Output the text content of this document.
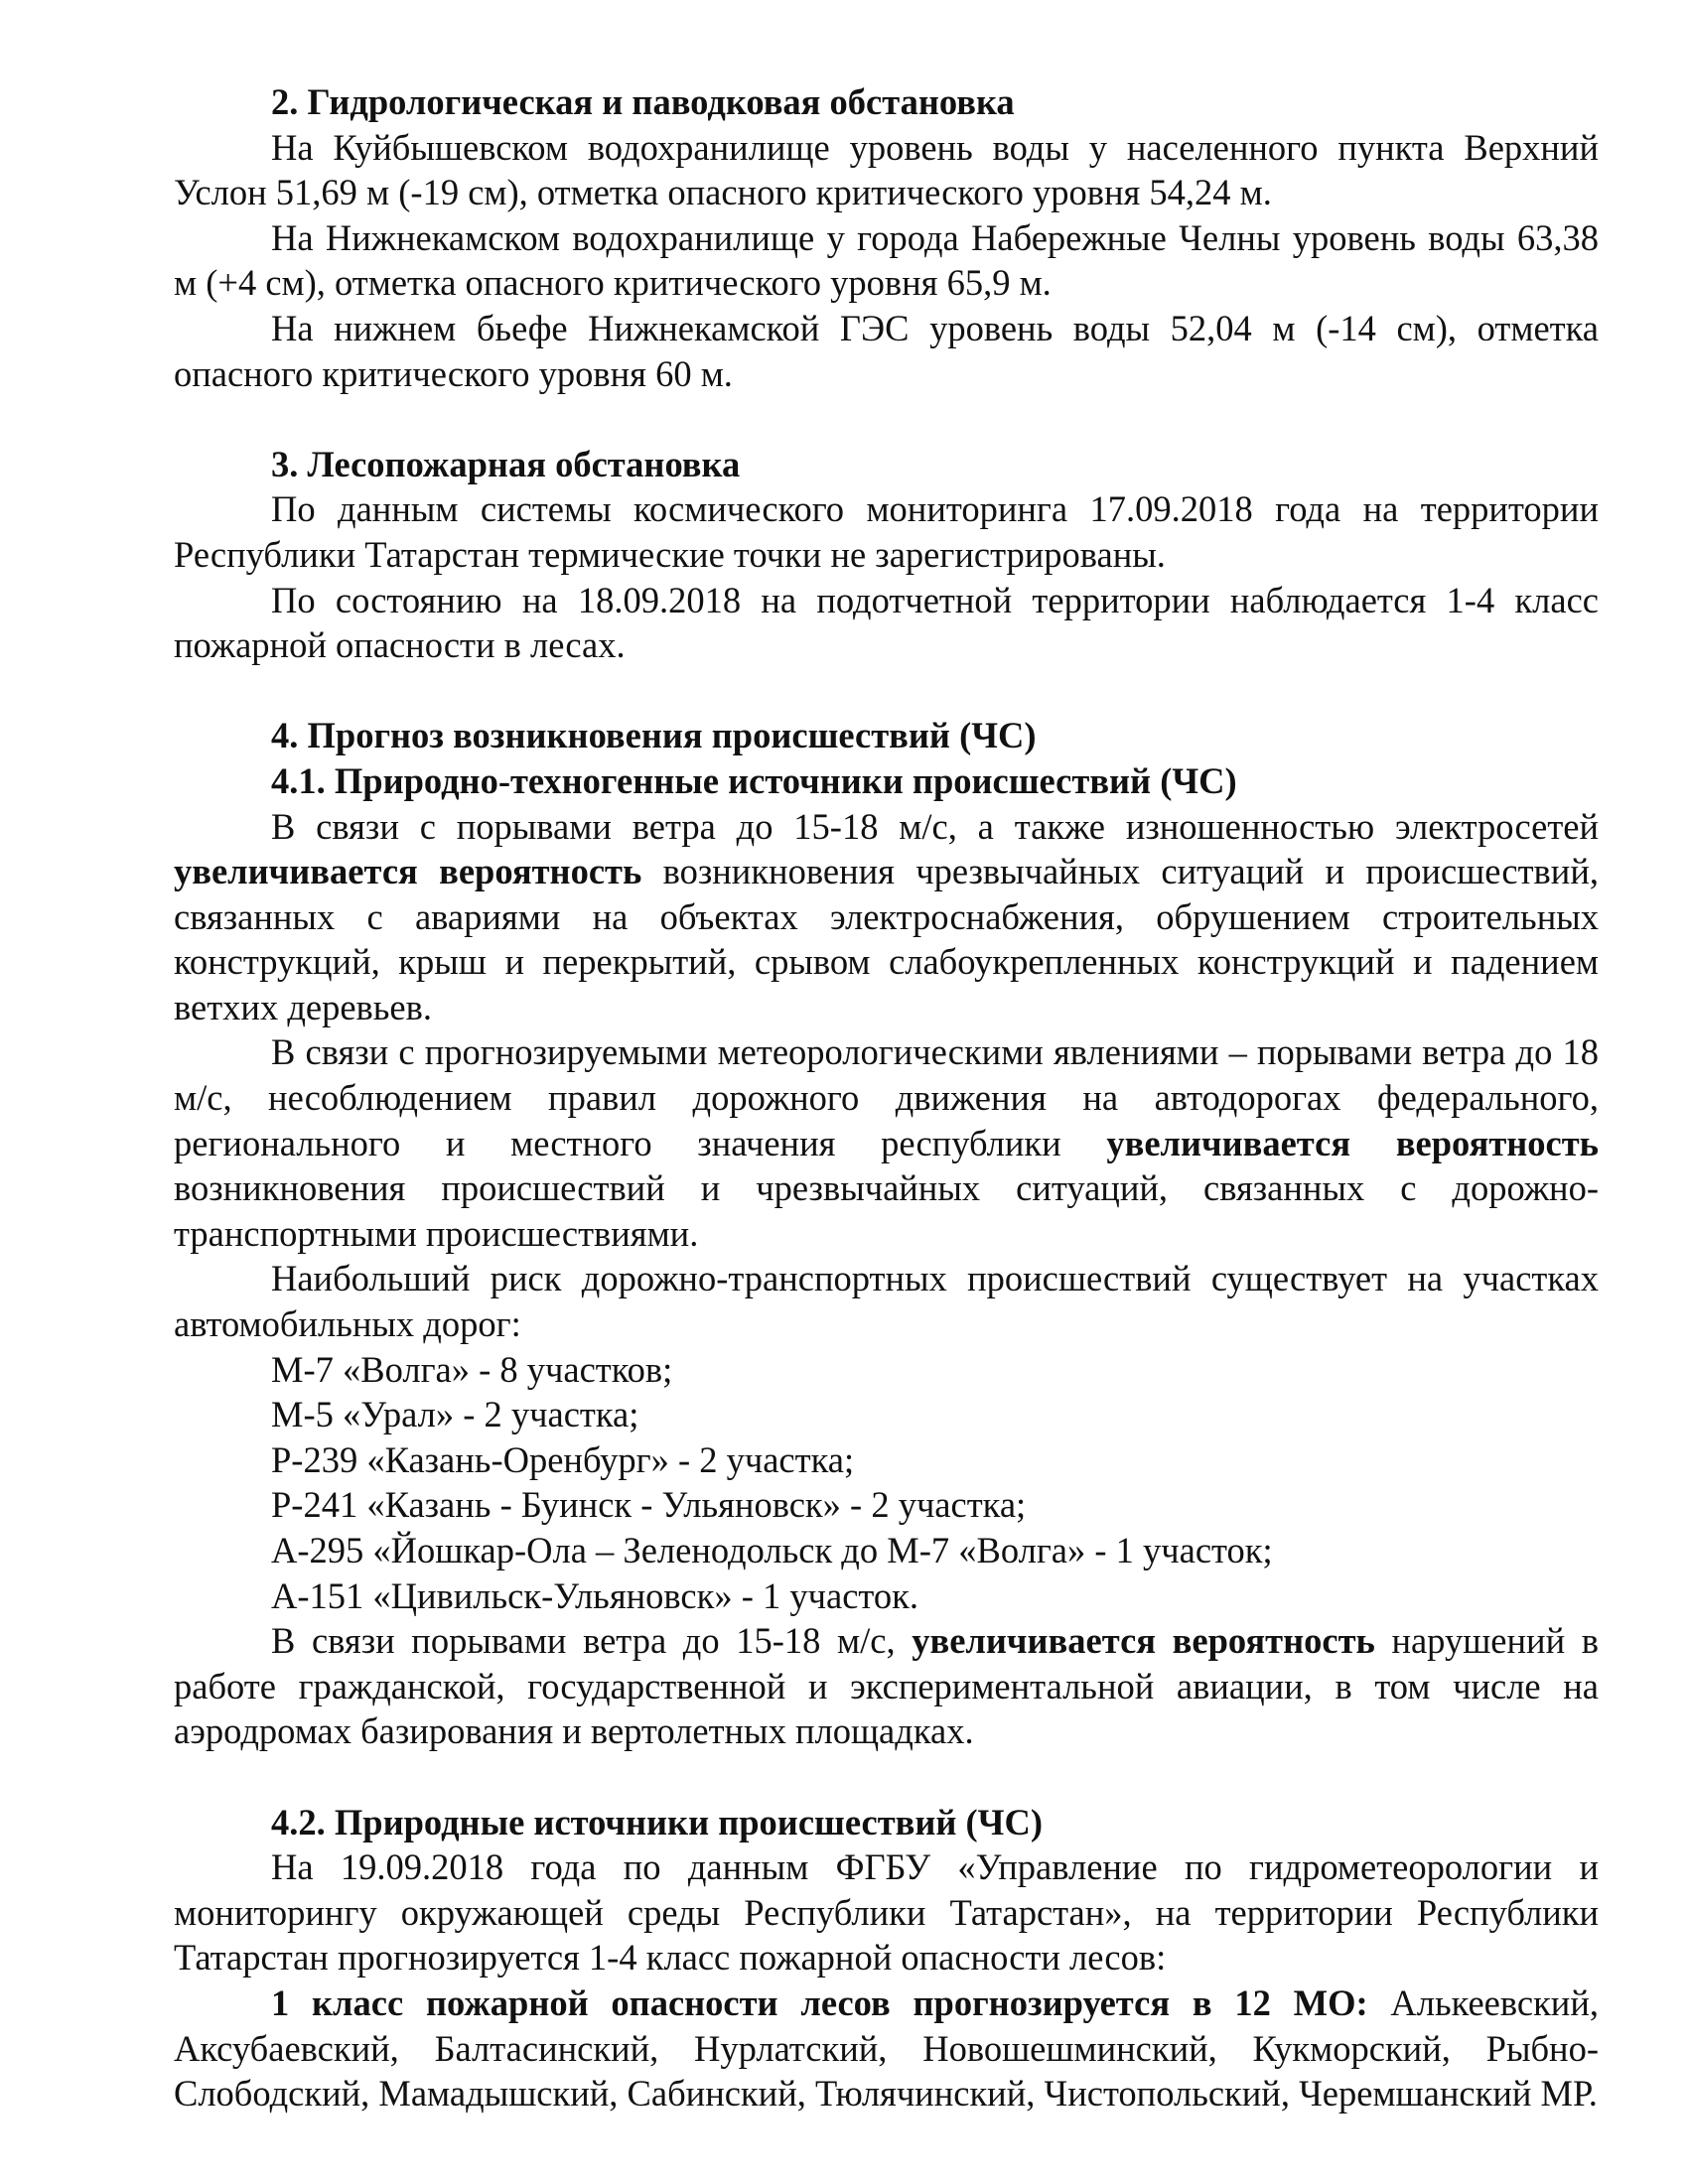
2. Гидрологическая и паводковая обстановка

На Куйбышевском водохранилище уровень воды у населенного пункта Верхний Услон 51,69 м (-19 см), отметка опасного критического уровня 54,24 м.

На Нижнекамском водохранилище у города Набережные Челны уровень воды 63,38 м (+4 см), отметка опасного критического уровня 65,9 м.

На нижнем бьефе Нижнекамской ГЭС уровень воды 52,04 м (-14 см), отметка опасного критического уровня 60 м.

3. Лесопожарная обстановка

По данным системы космического мониторинга 17.09.2018 года на территории Республики Татарстан термические точки не зарегистрированы.

По состоянию на 18.09.2018 на подотчетной территории наблюдается 1-4 класс пожарной опасности в лесах.

4. Прогноз возникновения происшествий (ЧС)
4.1. Природно-техногенные источники происшествий (ЧС)

В связи с порывами ветра до 15-18 м/с, а также изношенностью электросетей увеличивается вероятность возникновения чрезвычайных ситуаций и происшествий, связанных с авариями на объектах электроснабжения, обрушением строительных конструкций, крыш и перекрытий, срывом слабоукрепленных конструкций и падением ветхих деревьев.

В связи с прогнозируемыми метеорологическими явлениями – порывами ветра до 18 м/с, несоблюдением правил дорожного движения на автодорогах федерального, регионального и местного значения республики увеличивается вероятность возникновения происшествий и чрезвычайных ситуаций, связанных с дорожно-транспортными происшествиями.

Наибольший риск дорожно-транспортных происшествий существует на участках автомобильных дорог:

М-7 «Волга» - 8 участков;
М-5 «Урал» - 2 участка;
Р-239 «Казань-Оренбург» - 2 участка;
Р-241 «Казань - Буинск - Ульяновск» - 2 участка;
А-295 «Йошкар-Ола – Зеленодольск до М-7 «Волга» - 1 участок;
А-151 «Цивильск-Ульяновск» - 1 участок.

В связи порывами ветра до 15-18 м/с, увеличивается вероятность нарушений в работе гражданской, государственной и экспериментальной авиации, в том числе на аэродромах базирования и вертолетных площадках.

4.2. Природные источники происшествий (ЧС)

На 19.09.2018 года по данным ФГБУ «Управление по гидрометеорологии и мониторингу окружающей среды Республики Татарстан», на территории Республики Татарстан прогнозируется 1-4 класс пожарной опасности лесов:

1 класс пожарной опасности лесов прогнозируется в 12 МО: Алькеевский, Аксубаевский, Балтасинский, Нурлатский, Новошешминский, Кукморский, Рыбно-Слободский, Мамадышский, Сабинский, Тюлячинский, Чистопольский, Черемшанский МР.
